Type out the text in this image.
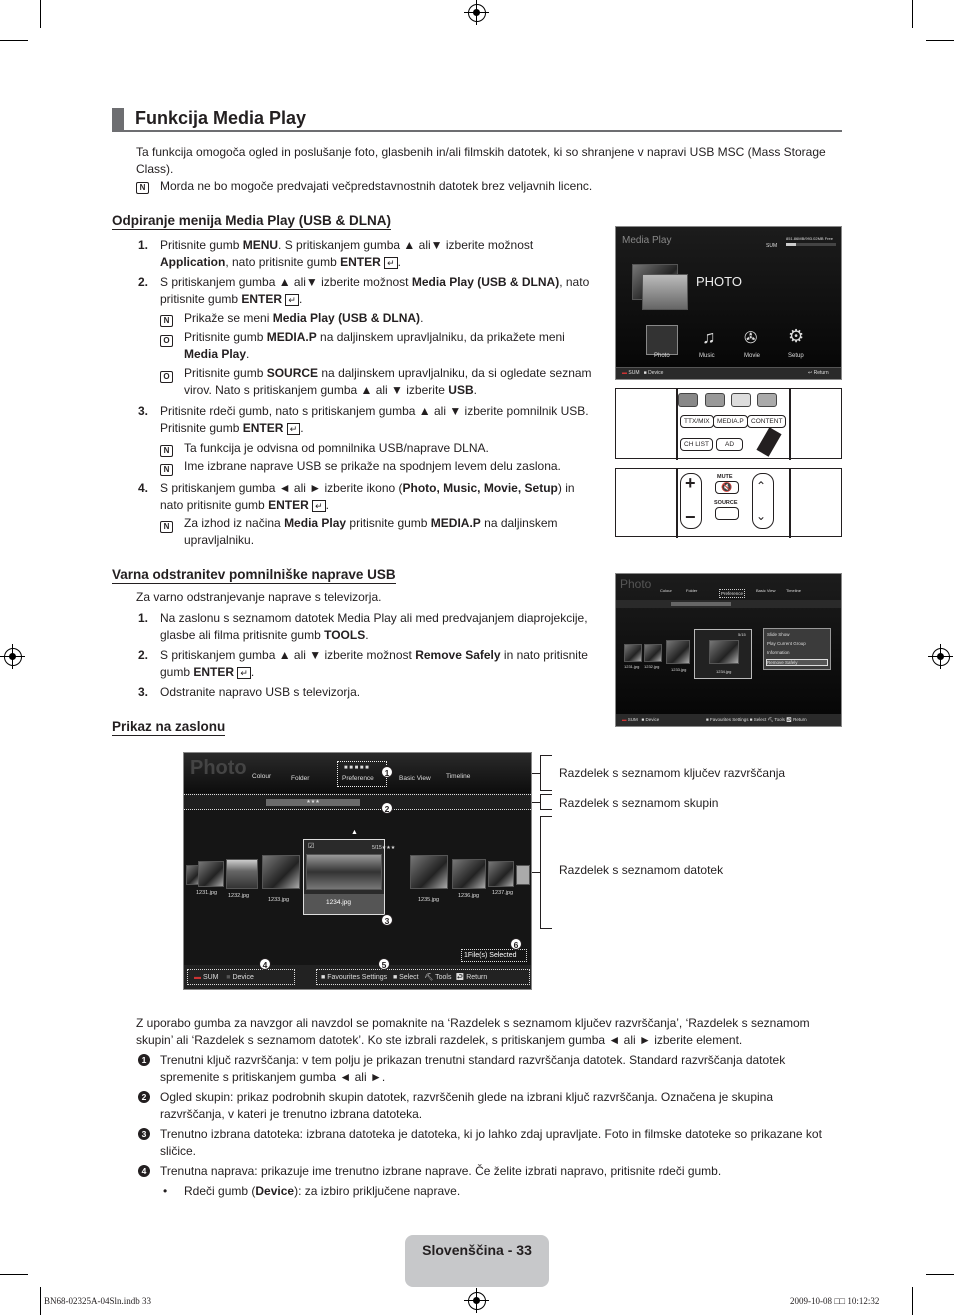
Funkcija Media Play
Ta funkcija omogoča ogled in poslušanje foto, glasbenih in/ali filmskih datotek, ki so shranjene v napravi USB MSC (Mass Storage Class).
N	Morda ne bo mogoče predvajati večpredstavnostnih datotek brez veljavnih licenc.
Odpiranje menija Media Play (USB & DLNA)
1. Pritisnite gumb MENU. S pritiskanjem gumba ▲ ali▼ izberite možnost
Application, nato pritisnite gumb ENTER ↵ .
2. S pritiskanjem gumba ▲ ali▼ izberite možnost Media Play (USB & DLNA), nato
pritisnite gumb ENTER ↵ .
N	Prikaže se meni Media Play (USB & DLNA).
O Pritisnite gumb MEDIA.P na daljinskem upravljalniku, da prikažete meni
Media Play.
O Pritisnite gumb SOURCE na daljinskem upravljalniku, da si ogledate seznam
virov. Nato s pritiskanjem gumba ▲ ali ▼ izberite USB.
3. Pritisnite rdeči gumb, nato s pritiskanjem gumba ▲ ali ▼ izberite pomnilnik USB.
Pritisnite gumb ENTER ↵ .
N	Ta funkcija je odvisna od pomnilnika USB/naprave DLNA.
N	Ime izbrane naprave USB se prikaže na spodnjem levem delu zaslona.
4. S pritiskanjem gumba ◄ ali ► izberite ikono (Photo, Music, Movie, Setup) in
nato pritisnite gumb ENTER ↵ .
N	Za izhod iz načina Media Play pritisnite gumb MEDIA.P na daljinskem
upravljalniku.
Media Play	SUM
851.86MB/993.02MB Free
PHOTO
Photo
♫
Music
✇
Movie
⚙
Setup
▬ SUM   ■ Device	↩ Return
TTX/MIX	MEDIA.P	CONTENT
CH LIST	AD
+
−
MUTE
🔇
SOURCE
⌃
⌄
Varna odstranitev pomnilniške naprave USB
Za varno odstranjevanje naprave s televizorja.
1. Na zaslonu s seznamom datotek Media Play ali med predvajanjem diaprojekcije,
glasbe ali filma pritisnite gumb TOOLS.
2. S pritiskanjem gumba ▲ ali ▼ izberite možnost Remove Safely in nato pritisnite
gumb ENTER ↵ .
3. Odstranite napravo USB s televizorja.
Photo Colour	Folder
Preference
Basic View	Timeline
1231.jpg 1232.jpg
1233.jpg	1234.jpg
5/15	Slide Show
Play Current Group
Information
Remove Safely
▬ SUM   ■ Device	■ Favourites Settings ■ Select ⛏ Tools ↩ Return
Prikaz na zaslonu
Photo Colour	Folder
■ ■ ■ ■ ■
Preference	Basic View Timeline
★★★
▲
☑	5/15★★★
1234.jpg
1231.jpg 1232.jpg
1233.jpg	1235.jpg
1236.jpg 1237.jpg
1File(s) Selected
▬ SUM ■ Device	■ Favourites Settings   ■ Select   ⛏ Tools  ↩ Return
1
2
3
4	5
6
Razdelek s seznamom ključev razvrščanja
Razdelek s seznamom skupin
Razdelek s seznamom datotek
Z uporabo gumba za navzgor ali navzdol se pomaknite na ‘Razdelek s seznamom ključev razvrščanja’, ‘Razdelek s seznamom skupin’ ali ‘Razdelek s seznamom datotek’. Ko ste izbrali razdelek, s pritiskanjem gumba ◄ ali ► izberite element.
1	Trenutni ključ razvrščanja: v tem polju je prikazan trenutni standard razvrščanja datotek. Standard razvrščanja datotek spremenite s pritiskanjem gumba ◄ ali ►.
2	Ogled skupin: prikaz podrobnih skupin datotek, razvrščenih glede na izbrani ključ razvrščanja. Označena je skupina razvrščanja, v kateri je trenutno izbrana datoteka.
3	Trenutno izbrana datoteka: izbrana datoteka je datoteka, ki jo lahko zdaj upravljate. Foto in filmske datoteke so prikazane kot sličice.
4	Trenutna naprava: prikazuje ime trenutno izbrane naprave. Če želite izbrati napravo, pritisnite rdeči gumb.
• Rdeči gumb (Device): za izbiro priključene naprave.
Slovenščina - 33
BN68-02325A-04Sln.indb 33	2009-10-08 □□ 10:12:32
